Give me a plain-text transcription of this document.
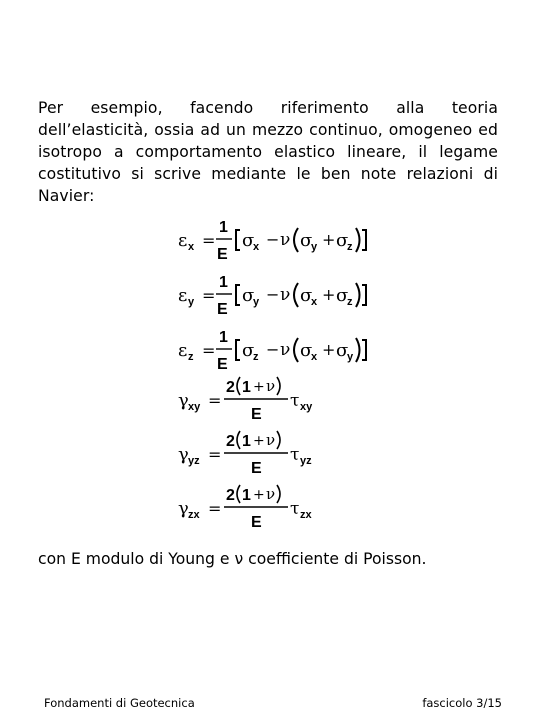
Per esempio, facendo riferimento alla teoria dell’elasticità, ossia ad un mezzo continuo, omogeneo ed isotropo a comportamento elastico lineare, il legame costitutivo si scrive mediante le ben note relazioni di Navier:
ε x =
1
E
σ
x − ν σ
y + σ
z
ε y =
1
E
σ
y − ν σ
x + σ
z
ε z =
1
E
σ
z − ν σ
x + σ
y
γ xy =
2 1 + ν
E
τ xy
γ yz =
2 1 + ν
E
τ yz
γ zx =
2 1 + ν
E
τ zx
con E modulo di Young e ν coefficiente di Poisson.
Fondamenti di Geotecnica	fascicolo 3/15
